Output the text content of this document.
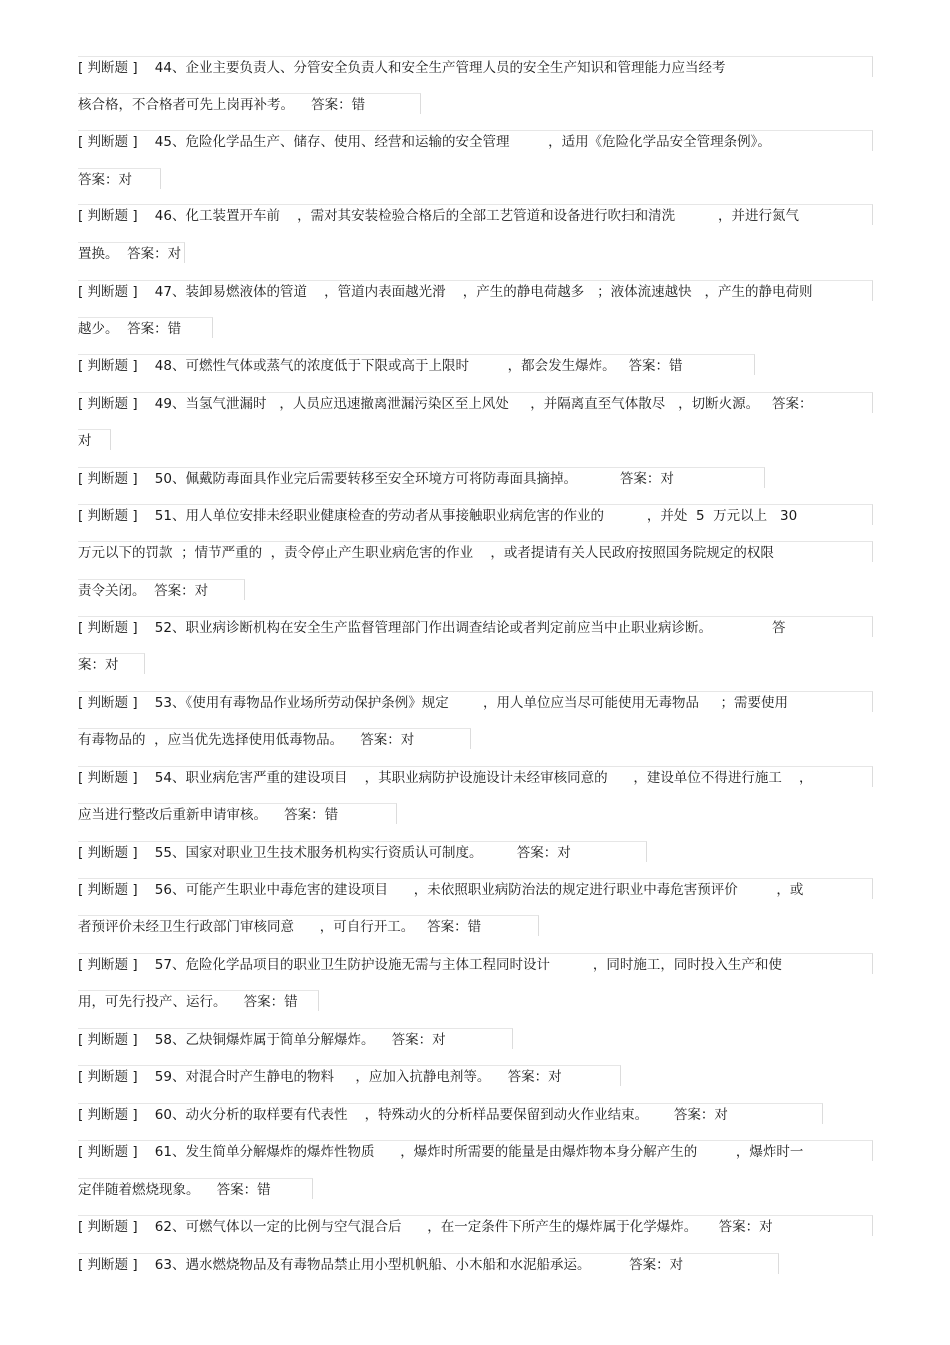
[ 判断题 ]    44、企业主要负责人、分管安全负责人和安全生产管理人员的安全生产知识和管理能力应当经考
核合格，不合格者可先上岗再补考。    答案：错
[ 判断题 ]    45、危险化学品生产、储存、使用、经营和运输的安全管理         ，适用《危险化学品安全管理条例》。
答案：对
[ 判断题 ]    46、化工装置开车前    ，需对其安装检验合格后的全部工艺管道和设备进行吹扫和清洗          ，并进行氮气
置换。  答案：对
[ 判断题 ]    47、装卸易燃液体的管道    ，管道内表面越光滑    ，产生的静电荷越多   ；液体流速越快   ，产生的静电荷则
越少。  答案：错
[ 判断题 ]    48、可燃性气体或蒸气的浓度低于下限或高于上限时         ，都会发生爆炸。   答案：错
[ 判断题 ]    49、当氢气泄漏时   ，人员应迅速撤离泄漏污染区至上风处     ，并隔离直至气体散尽   ，切断火源。   答案：
对
[ 判断题 ]    50、佩戴防毒面具作业完后需要转移至安全环境方可将防毒面具摘掉。          答案：对
[ 判断题 ]    51、用人单位安排未经职业健康检查的劳动者从事接触职业病危害的作业的          ，并处  5  万元以上   30
万元以下的罚款  ；情节严重的  ，责令停止产生职业病危害的作业    ，或者提请有关人民政府按照国务院规定的权限
责令关闭。  答案：对
[ 判断题 ]    52、职业病诊断机构在安全生产监督管理部门作出调查结论或者判定前应当中止职业病诊断。              答
案：对
[ 判断题 ]    53、《使用有毒物品作业场所劳动保护条例》规定        ，用人单位应当尽可能使用无毒物品     ；需要使用
有毒物品的  ，应当优先选择使用低毒物品。    答案：对
[ 判断题 ]    54、职业病危害严重的建设项目    ，其职业病防护设施设计未经审核同意的      ，建设单位不得进行施工    ，
应当进行整改后重新申请审核。    答案：错
[ 判断题 ]    55、国家对职业卫生技术服务机构实行资质认可制度。        答案：对
[ 判断题 ]    56、可能产生职业中毒危害的建设项目      ，未依照职业病防治法的规定进行职业中毒危害预评价         ，或
者预评价未经卫生行政部门审核同意      ，可自行开工。   答案：错
[ 判断题 ]    57、危险化学品项目的职业卫生防护设施无需与主体工程同时设计          ，同时施工，同时投入生产和使
用，可先行投产、运行。    答案：错
[ 判断题 ]    58、乙炔铜爆炸属于简单分解爆炸。    答案：对
[ 判断题 ]    59、对混合时产生静电的物料     ，应加入抗静电剂等。    答案：对
[ 判断题 ]    60、动火分析的取样要有代表性    ，特殊动火的分析样品要保留到动火作业结束。      答案：对
[ 判断题 ]    61、发生简单分解爆炸的爆炸性物质      ，爆炸时所需要的能量是由爆炸物本身分解产生的         ，爆炸时一
定伴随着燃烧现象。    答案：错
[ 判断题 ]    62、可燃气体以一定的比例与空气混合后      ，在一定条件下所产生的爆炸属于化学爆炸。     答案：对
[ 判断题 ]    63、遇水燃烧物品及有毒物品禁止用小型机帆船、小木船和水泥船承运。         答案：对
